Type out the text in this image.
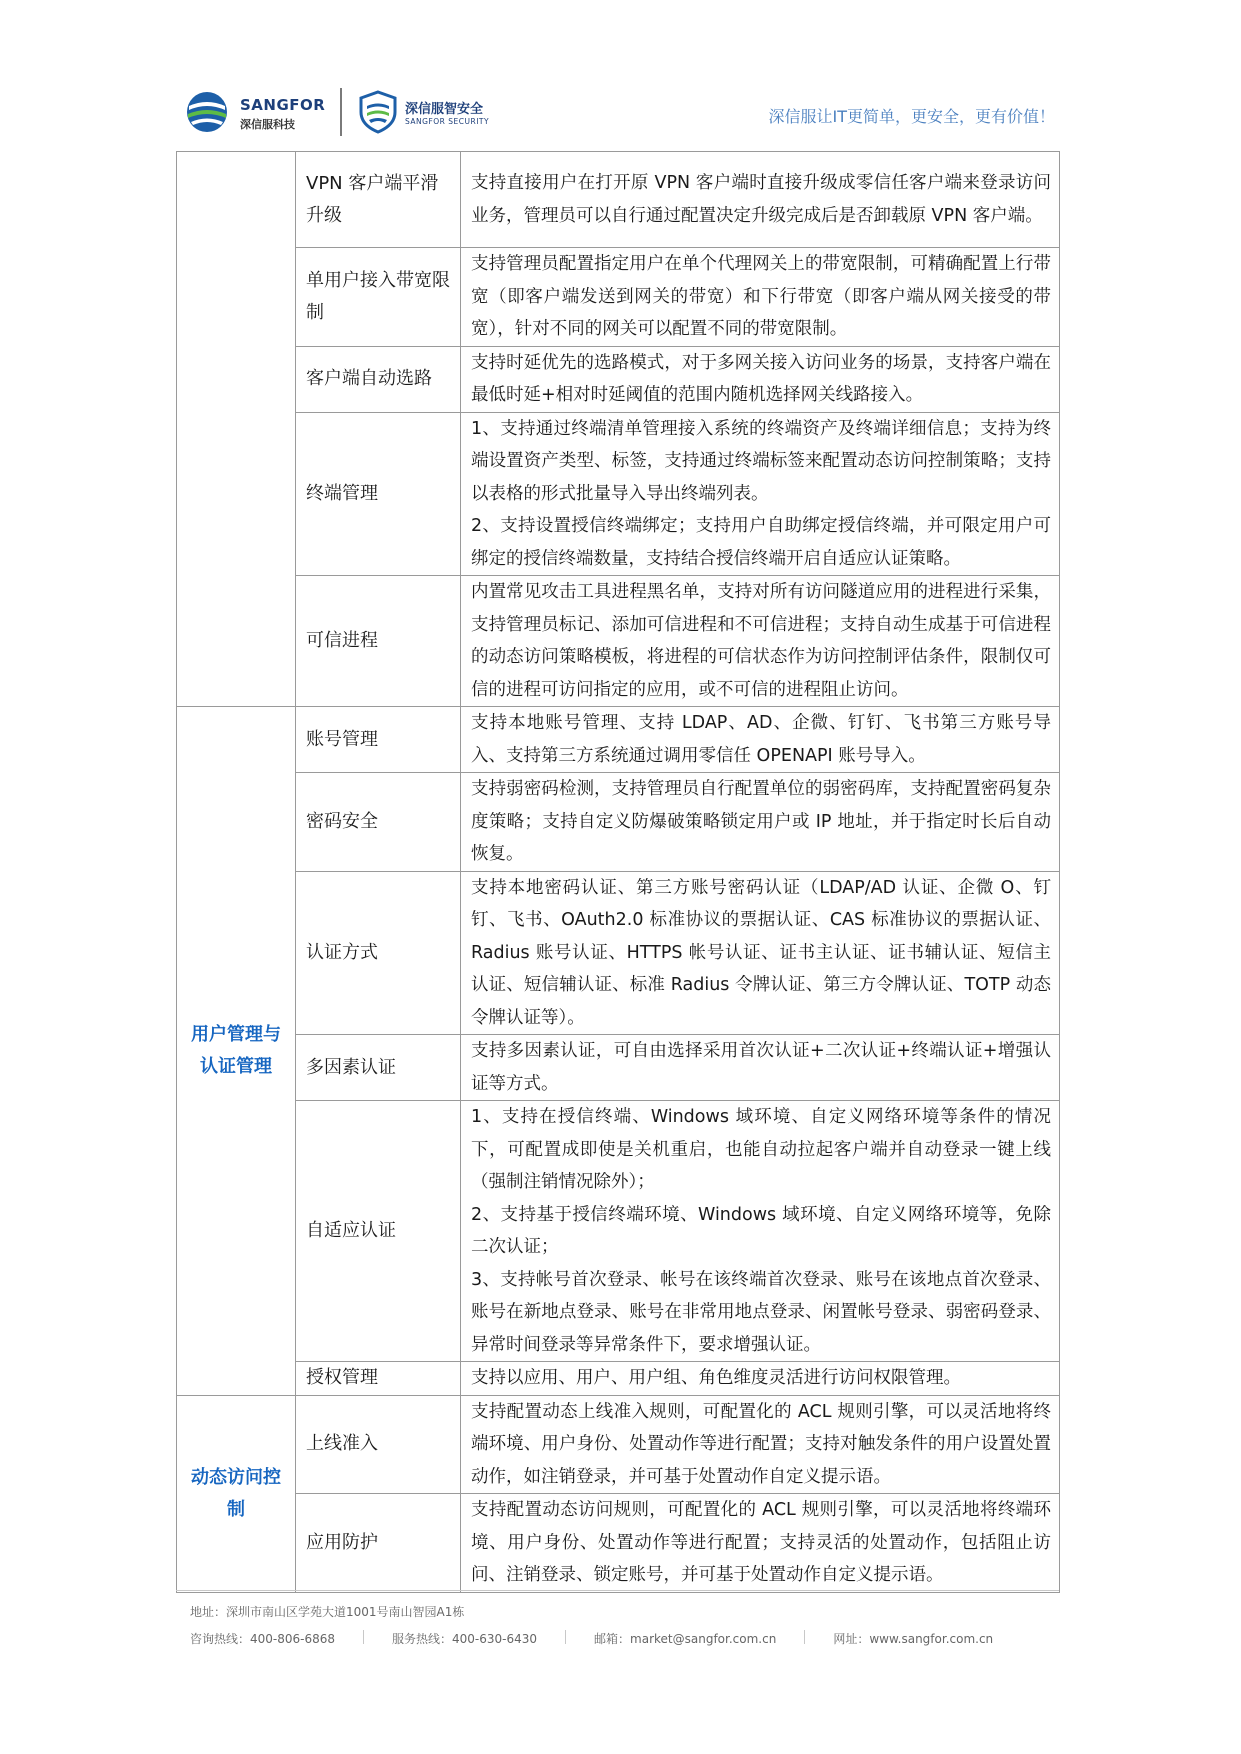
SANGFOR
深信服科技
深信服智安全
SANGFOR SECURITY	深信服让IT更简单，更安全，更有价值！
	VPN 客户端平滑升级	支持直接用户在打开原 VPN 客户端时直接升级成零信任客户端来登录访问业务，管理员可以自行通过配置决定升级完成后是否卸载原 VPN 客户端。

	单用户接入带宽限制	支持管理员配置指定用户在单个代理网关上的带宽限制，可精确配置上行带宽（即客户端发送到网关的带宽）和下行带宽（即客户端从网关接受的带宽），针对不同的网关可以配置不同的带宽限制。

	客户端自动选路	支持时延优先的选路模式，对于多网关接入访问业务的场景，支持客户端在最低时延+相对时延阈值的范围内随机选择网关线路接入。

	终端管理	1、支持通过终端清单管理接入系统的终端资产及终端详细信息；支持为终端设置资产类型、标签，支持通过终端标签来配置动态访问控制策略；支持以表格的形式批量导入导出终端列表。
2、支持设置授信终端绑定；支持用户自助绑定授信终端，并可限定用户可绑定的授信终端数量，支持结合授信终端开启自适应认证策略。

	可信进程	内置常见攻击工具进程黑名单，支持对所有访问隧道应用的进程进行采集，支持管理员标记、添加可信进程和不可信进程；支持自动生成基于可信进程的动态访问策略模板，将进程的可信状态作为访问控制评估条件，限制仅可信的进程可访问指定的应用，或不可信的进程阻止访问。

用户管理与认证管理	账号管理	支持本地账号管理、支持 LDAP、AD、企微、钉钉、飞书第三方账号导入、支持第三方系统通过调用零信任 OPENAPI 账号导入。

	密码安全	支持弱密码检测，支持管理员自行配置单位的弱密码库，支持配置密码复杂度策略；支持自定义防爆破策略锁定用户或 IP 地址，并于指定时长后自动恢复。

	认证方式	支持本地密码认证、第三方账号密码认证（LDAP/AD 认证、企微 O、钉钉、飞书、OAuth2.0 标准协议的票据认证、CAS 标准协议的票据认证、Radius 账号认证、HTTPS 帐号认证、证书主认证、证书辅认证、短信主认证、短信辅认证、标准 Radius 令牌认证、第三方令牌认证、TOTP 动态令牌认证等）。

	多因素认证	支持多因素认证，可自由选择采用首次认证+二次认证+终端认证+增强认证等方式。

	自适应认证	1、支持在授信终端、Windows 域环境、自定义网络环境等条件的情况下，可配置成即使是关机重启，也能自动拉起客户端并自动登录一键上线（强制注销情况除外）；
2、支持基于授信终端环境、Windows 域环境、自定义网络环境等，免除二次认证；
3、支持帐号首次登录、帐号在该终端首次登录、账号在该地点首次登录、账号在新地点登录、账号在非常用地点登录、闲置帐号登录、弱密码登录、异常时间登录等异常条件下，要求增强认证。

	授权管理	支持以应用、用户、用户组、角色维度灵活进行访问权限管理。

动态访问控制	上线准入	支持配置动态上线准入规则，可配置化的 ACL 规则引擎，可以灵活地将终端环境、用户身份、处置动作等进行配置；支持对触发条件的用户设置处置动作，如注销登录，并可基于处置动作自定义提示语。

	应用防护	支持配置动态访问规则，可配置化的 ACL 规则引擎，可以灵活地将终端环境、用户身份、处置动作等进行配置；支持灵活的处置动作，包括阻止访问、注销登录、锁定账号，并可基于处置动作自定义提示语。
地址：深圳市南山区学苑大道1001号南山智园A1栋
咨询热线：400-806-6868	服务热线：400-630-6430	邮箱：market@sangfor.com.cn	网址：www.sangfor.com.cn
